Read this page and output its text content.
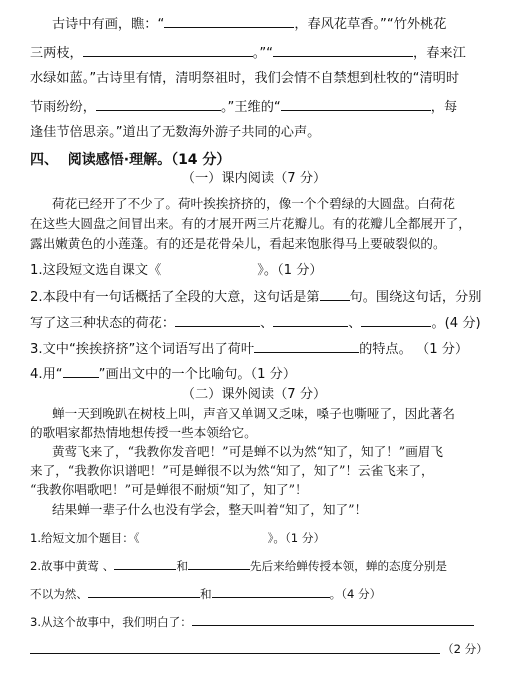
古诗中有画，瞧：“	，春风花草香。”“竹外桃花
三两枝，	。”“	，春来江
水绿如蓝。”古诗里有情，清明祭祖时，我们会情不自禁想到杜牧的“清明时
节雨纷纷，	。”王维的“	，每
逢佳节倍思亲。”道出了无数海外游子共同的心声。
四、 阅读感悟·理解。（14 分）
（一）课内阅读（7 分）
荷花已经开了不少了。荷叶挨挨挤挤的，像一个个碧绿的大圆盘。白荷花
在这些大圆盘之间冒出来。有的才展开两三片花瓣儿。有的花瓣儿全都展开了，
露出嫩黄色的小莲蓬。有的还是花骨朵儿，看起来饱胀得马上要破裂似的。
1.这段短文选自课文《	》。（1 分）
2.本段中有一句话概括了全段的大意，这句话是第 句。围绕这句话，分别
写了这三种状态的荷花：	、	、	。(4 分)
3.文中“挨挨挤挤”这个词语写出了荷叶	的特点。 （1 分）
4.用“	”画出文中的一个比喻句。（1 分）
（二）课外阅读（7 分）
蝉一天到晚趴在树枝上叫，声音又单调又乏味，嗓子也嘶哑了，因此著名
的歌唱家都热情地想传授一些本领给它。
黄莺飞来了，“我教你发音吧！”可是蝉不以为然“知了，知了！”画眉飞
来了，“我教你识谱吧！”可是蝉很不以为然“知了，知了”！云雀飞来了，
“我教你唱歌吧！”可是蝉很不耐烦“知了，知了”！
结果蝉一辈子什么也没有学会，整天叫着“知了，知了”！
1.给短文加个题目：《	》。（1 分）
2.故事中黄莺 、	和	先后来给蝉传授本领，蝉的态度分别是
不以为然、	和	。（4 分）
3.从这个故事中，我们明白了：
（2 分）
